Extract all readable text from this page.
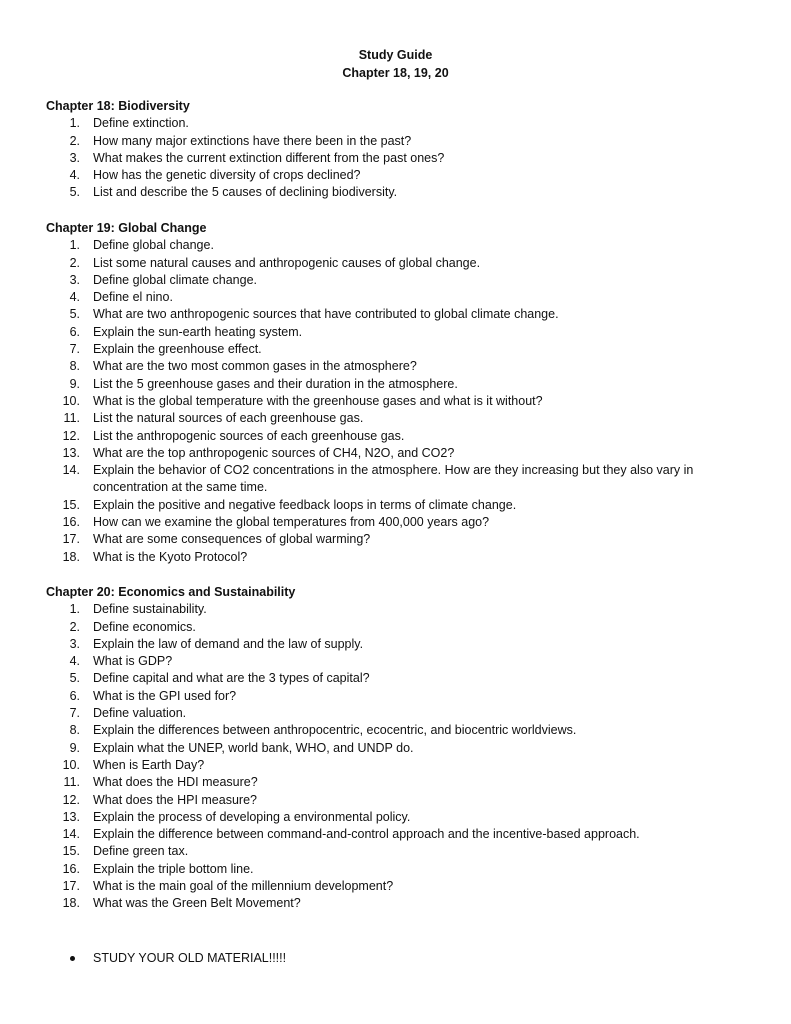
Study Guide
Chapter 18, 19, 20
Chapter 18: Biodiversity
1. Define extinction.
2. How many major extinctions have there been in the past?
3. What makes the current extinction different from the past ones?
4. How has the genetic diversity of crops declined?
5. List and describe the 5 causes of declining biodiversity.
Chapter 19: Global Change
1. Define global change.
2. List some natural causes and anthropogenic causes of global change.
3. Define global climate change.
4. Define el nino.
5. What are two anthropogenic sources that have contributed to global climate change.
6. Explain the sun-earth heating system.
7. Explain the greenhouse effect.
8. What are the two most common gases in the atmosphere?
9. List the 5 greenhouse gases and their duration in the atmosphere.
10. What is the global temperature with the greenhouse gases and what is it without?
11. List the natural sources of each greenhouse gas.
12. List the anthropogenic sources of each greenhouse gas.
13. What are the top anthropogenic sources of CH4, N2O, and CO2?
14. Explain the behavior of CO2 concentrations in the atmosphere. How are they increasing but they also vary in concentration at the same time.
15. Explain the positive and negative feedback loops in terms of climate change.
16. How can we examine the global temperatures from 400,000 years ago?
17. What are some consequences of global warming?
18. What is the Kyoto Protocol?
Chapter 20: Economics and Sustainability
1. Define sustainability.
2. Define economics.
3. Explain the law of demand and the law of supply.
4. What is GDP?
5. Define capital and what are the 3 types of capital?
6. What is the GPI used for?
7. Define valuation.
8. Explain the differences between anthropocentric, ecocentric, and biocentric worldviews.
9. Explain what the UNEP, world bank, WHO, and UNDP do.
10. When is Earth Day?
11. What does the HDI measure?
12. What does the HPI measure?
13. Explain the process of developing a environmental policy.
14. Explain the difference between command-and-control approach and the incentive-based approach.
15. Define green tax.
16. Explain the triple bottom line.
17. What is the main goal of the millennium development?
18. What was the Green Belt Movement?
STUDY YOUR OLD MATERIAL!!!!!
